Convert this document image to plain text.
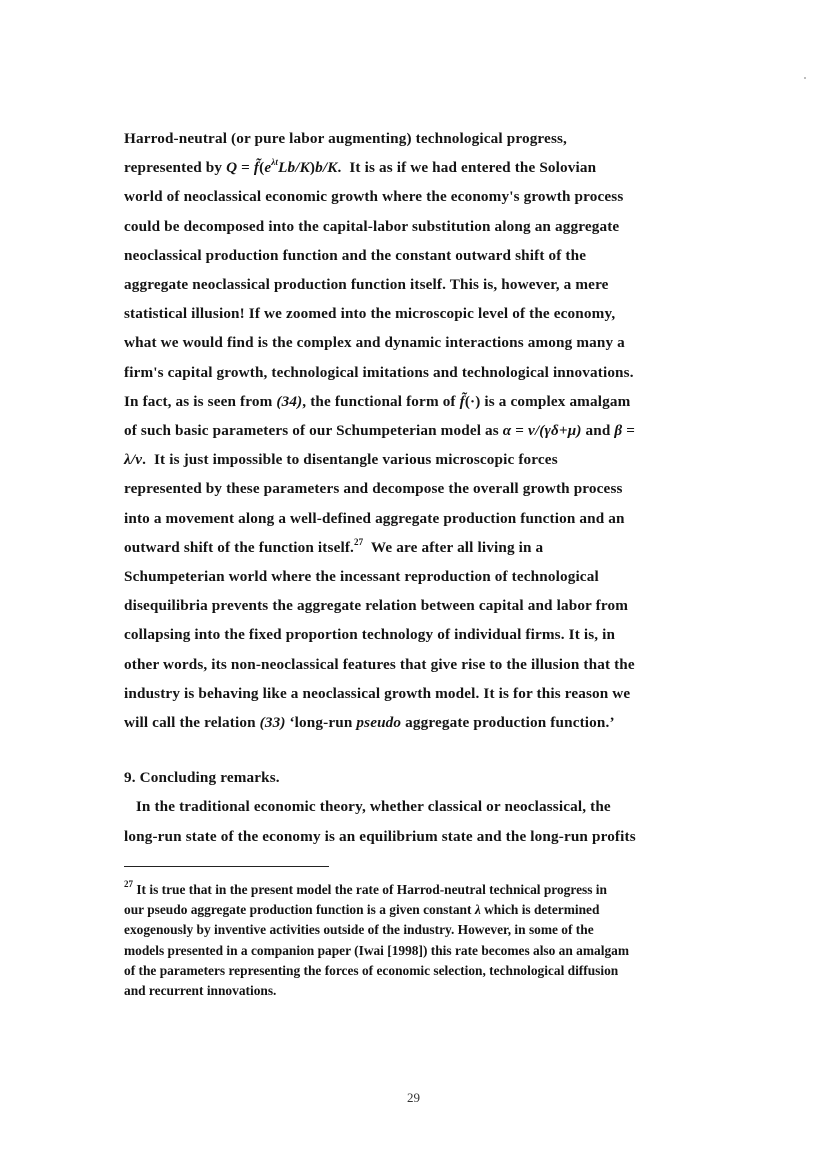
Harrod-neutral (or pure labor augmenting) technological progress,
represented by $Q = f̃(e^{\lambda t}Lb/K)b/K$.  It is as if we had entered the Solovian
world of neoclassical economic growth where the economy's growth process
could be decomposed into the capital-labor substitution along an aggregate
neoclassical production function and the constant outward shift of the
aggregate neoclassical production function itself. This is, however, a mere
statistical illusion! If we zoomed into the microscopic level of the economy,
what we would find is the complex and dynamic interactions among many a
firm's capital growth, technological imitations and technological innovations.
In fact, as is seen from (34), the functional form of f̃(·) is a complex amalgam
of such basic parameters of our Schumpeterian model as α = ν/(γδ+μ) and β =
λ/ν.  It is just impossible to disentangle various microscopic forces
represented by these parameters and decompose the overall growth process
into a movement along a well-defined aggregate production function and an
outward shift of the function itself.$^{27}$  We are after all living in a
Schumpeterian world where the incessant reproduction of technological
disequilibria prevents the aggregate relation between capital and labor from
collapsing into the fixed proportion technology of individual firms. It is, in
other words, its non-neoclassical features that give rise to the illusion that the
industry is behaving like a neoclassical growth model. It is for this reason we
will call the relation (33) ‘long-run pseudo aggregate production function.’
9. Concluding remarks.
In the traditional economic theory, whether classical or neoclassical, the
long-run state of the economy is an equilibrium state and the long-run profits
$^{27}$ It is true that in the present model the rate of Harrod-neutral technical progress in
our pseudo aggregate production function is a given constant λ which is determined
exogenously by inventive activities outside of the industry. However, in some of the
models presented in a companion paper (Iwai [1998]) this rate becomes also an amalgam
of the parameters representing the forces of economic selection, technological diffusion
and recurrent innovations.
29
